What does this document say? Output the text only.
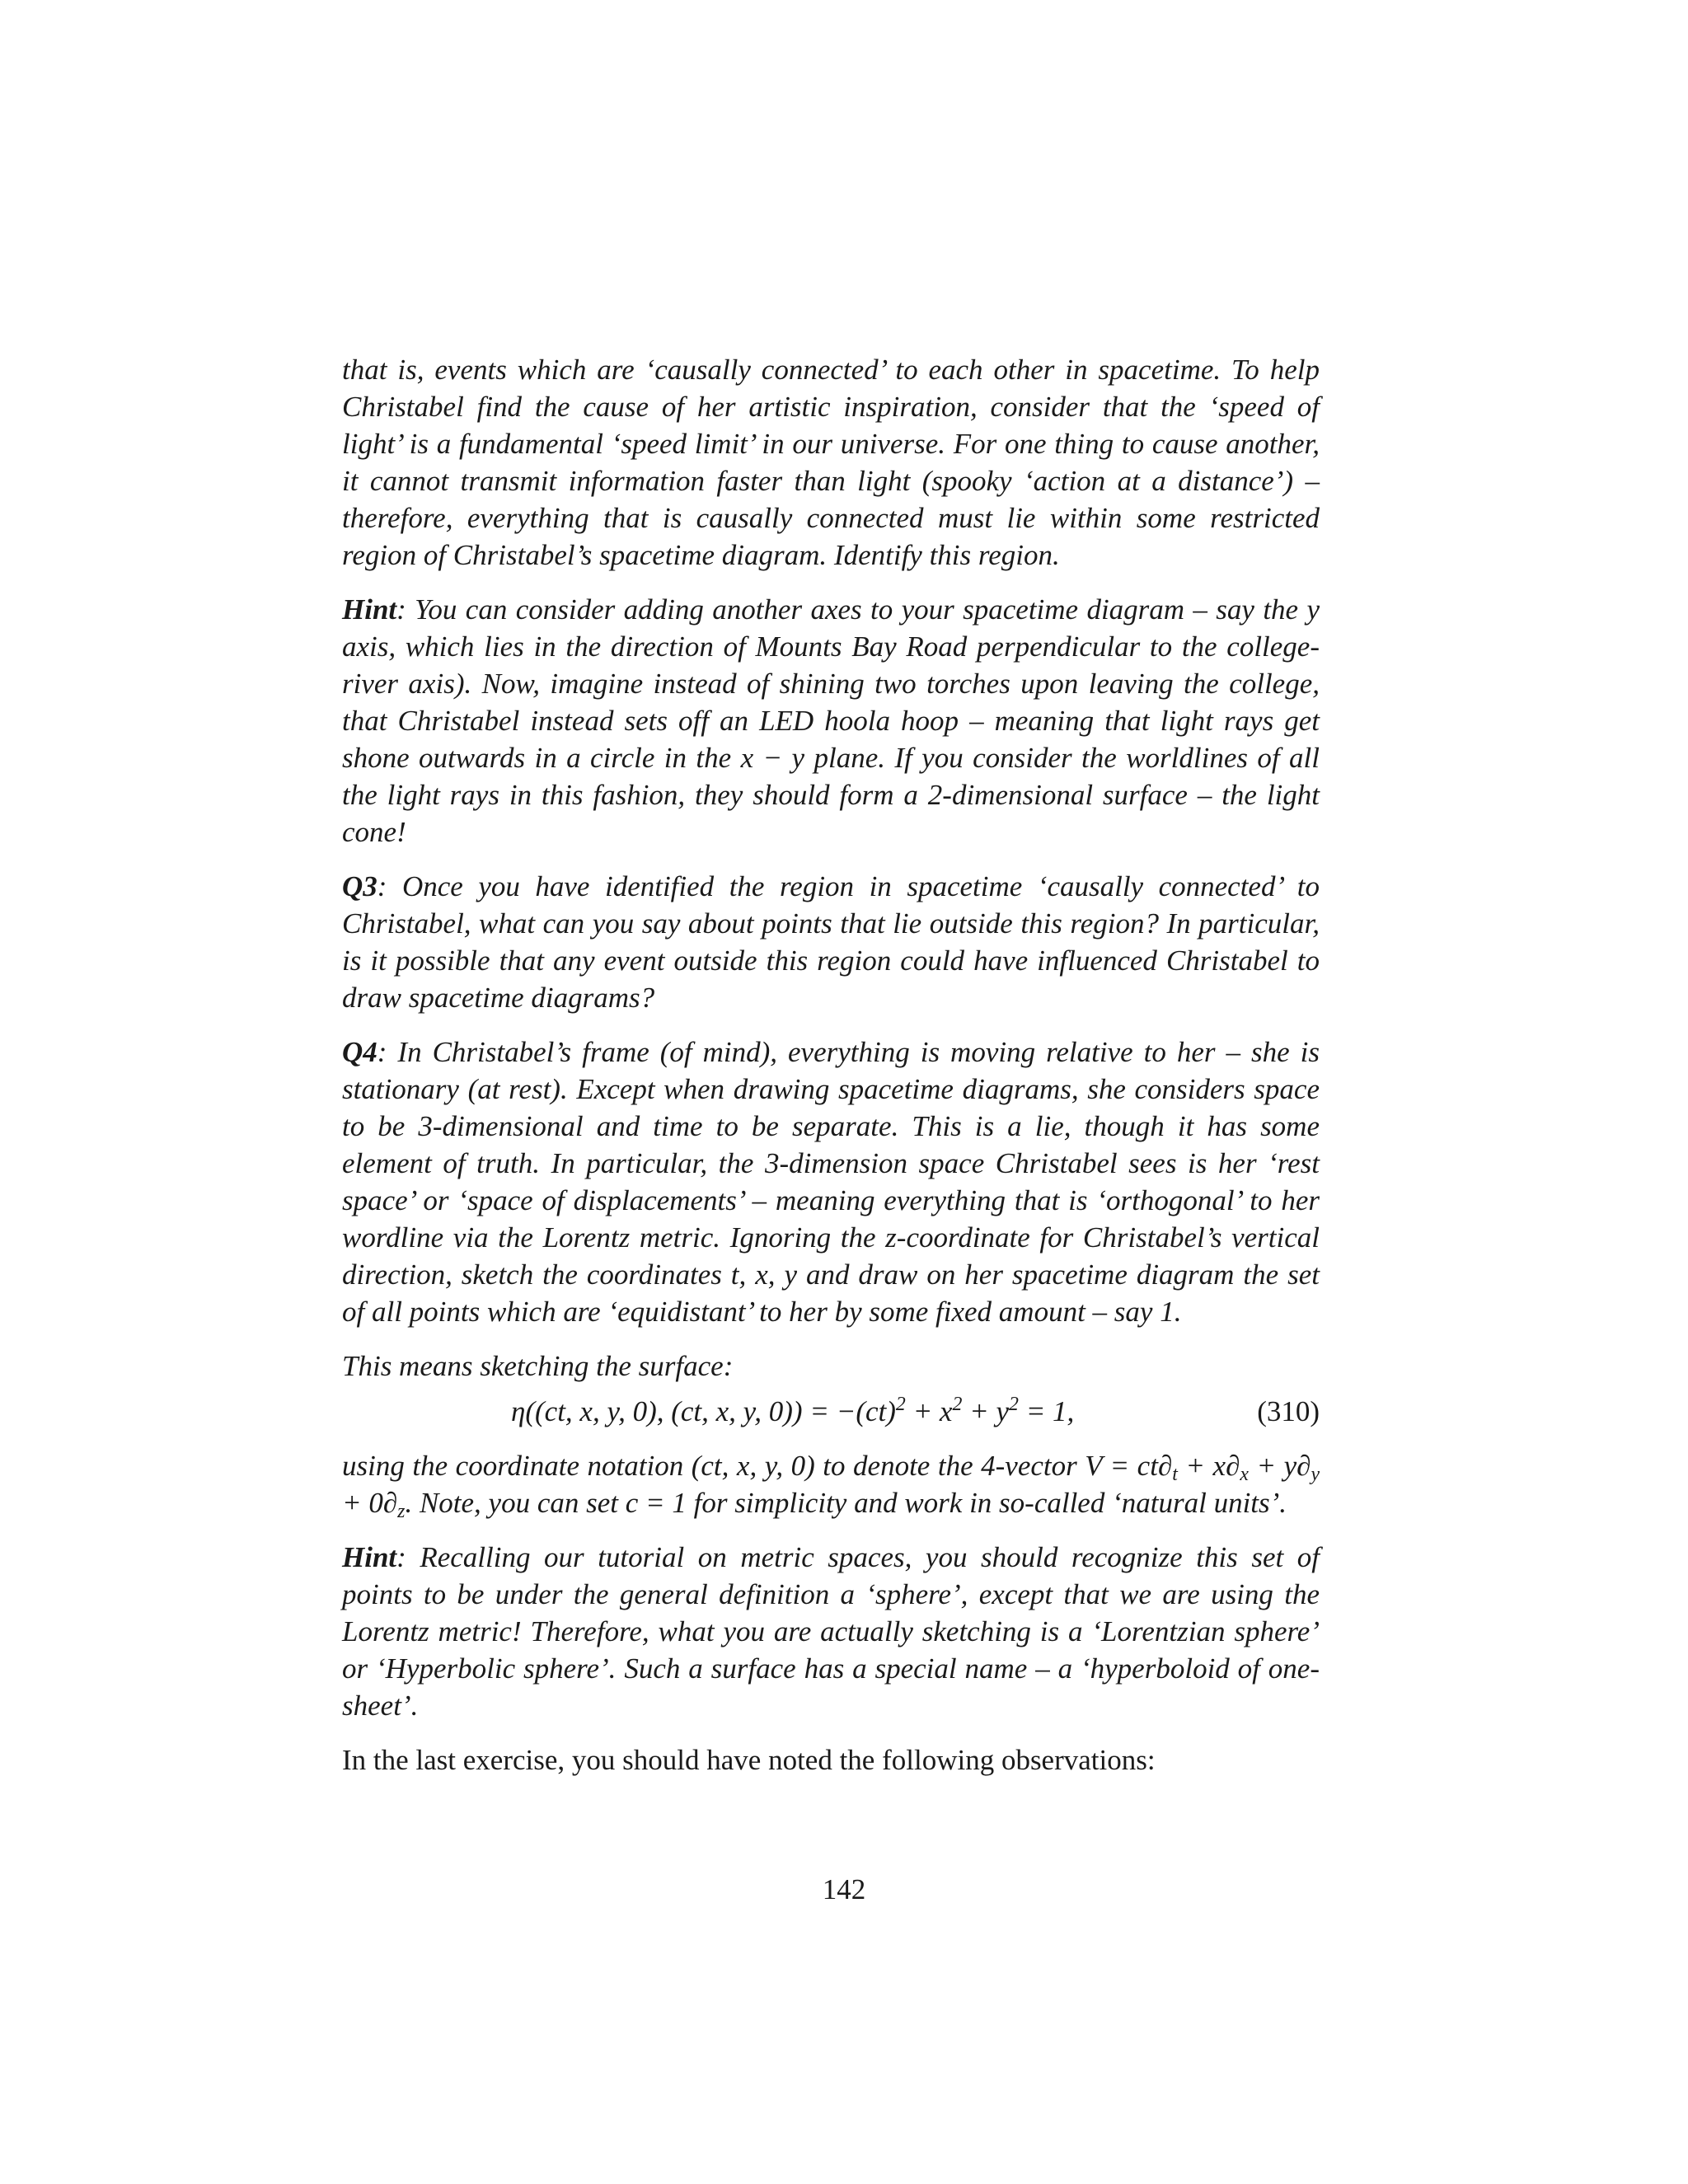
that is, events which are ‘causally connected’ to each other in spacetime. To help Christabel find the cause of her artistic inspiration, consider that the ‘speed of light’ is a fundamental ‘speed limit’ in our universe. For one thing to cause another, it cannot transmit information faster than light (spooky ‘action at a distance’) – therefore, everything that is causally connected must lie within some restricted region of Christabel’s spacetime diagram. Identify this region.

Hint: You can consider adding another axes to your spacetime diagram – say the y axis, which lies in the direction of Mounts Bay Road perpendicular to the college-river axis). Now, imagine instead of shining two torches upon leaving the college, that Christabel instead sets off an LED hoola hoop – meaning that light rays get shone outwards in a circle in the x − y plane. If you consider the worldlines of all the light rays in this fashion, they should form a 2-dimensional surface – the light cone!

Q3: Once you have identified the region in spacetime ‘causally connected’ to Christabel, what can you say about points that lie outside this region? In particular, is it possible that any event outside this region could have influenced Christabel to draw spacetime diagrams?

Q4: In Christabel’s frame (of mind), everything is moving relative to her – she is stationary (at rest). Except when drawing spacetime diagrams, she considers space to be 3-dimensional and time to be separate. This is a lie, though it has some element of truth. In particular, the 3-dimension space Christabel sees is her ‘rest space’ or ‘space of displacements’ – meaning everything that is ‘orthogonal’ to her wordline via the Lorentz metric. Ignoring the z-coordinate for Christabel’s vertical direction, sketch the coordinates t, x, y and draw on her spacetime diagram the set of all points which are ‘equidistant’ to her by some fixed amount – say 1.

This means sketching the surface:

η((ct, x, y, 0), (ct, x, y, $0)) = -(ct)^2 + x^2 + y^2 = 1$,	(310)

using the coordinate notation (ct, x, y, 0) to denote the 4-vector $V = ct\partial_t + x\partial_x + y\partial_y + 0\partial_z$. Note, you can set c = 1 for simplicity and work in so-called ‘natural units’.

Hint: Recalling our tutorial on metric spaces, you should recognize this set of points to be under the general definition a ‘sphere’, except that we are using the Lorentz metric! Therefore, what you are actually sketching is a ‘Lorentzian sphere’ or ‘Hyperbolic sphere’. Such a surface has a special name – a ‘hyperboloid of one-sheet’.

In the last exercise, you should have noted the following observations:

142
